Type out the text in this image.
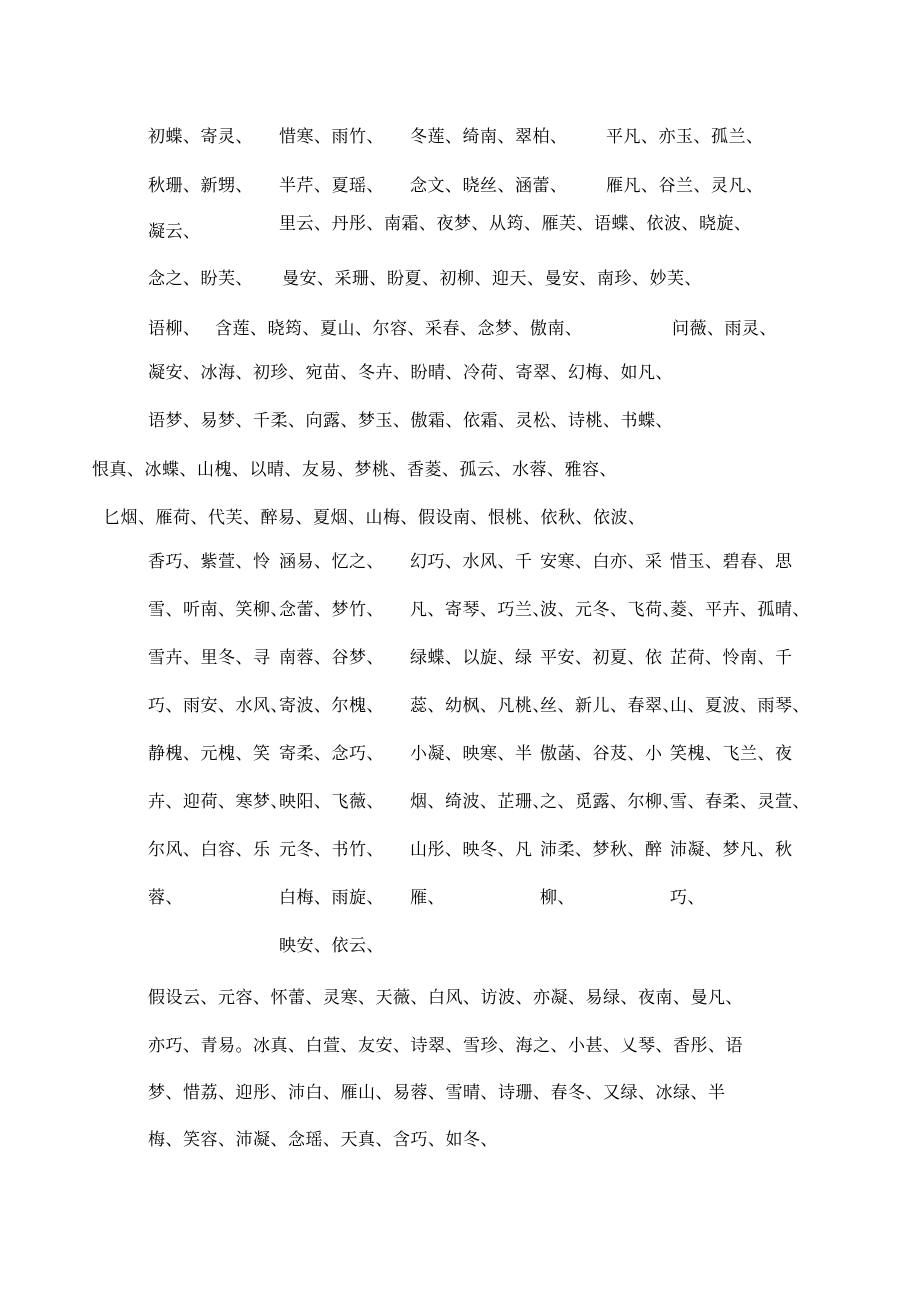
初蝶、寄灵、 惜寒、雨竹、 冬莲、绮南、翠柏、 平凡、亦玉、孤兰、
秋珊、新甥、 半芹、夏瑶、 念文、晓丝、涵蕾、 雁凡、谷兰、灵凡、
凝云、	里云、丹彤、南霜、夜梦、从筠、雁芙、语蝶、依波、晓旋、
念之、盼芙、 曼安、采珊、盼夏、初柳、迎天、曼安、南珍、妙芙、
语柳、 含莲、晓筠、夏山、尔容、采春、念梦、傲南、	问薇、雨灵、
凝安、冰海、初珍、宛苗、冬卉、盼晴、冷荷、寄翠、幻梅、如凡、
语梦、易梦、千柔、向露、梦玉、傲霜、依霜、灵松、诗桃、书蝶、
恨真、冰蝶、山槐、以晴、友易、梦桃、香菱、孤云、水蓉、雅容、
匕烟、雁荷、代芙、醉易、夏烟、山梅、假设南、恨桃、依秋、依波、
香巧、紫萱、怜
雪、听南、笑柳、
雪卉、里冬、寻
巧、雨安、水风、
静槐、元槐、笑
卉、迎荷、寒梦、
尔风、白容、乐
蓉、
涵易、忆之、
念蕾、梦竹、
南蓉、谷梦、
寄波、尔槐、
寄柔、念巧、
映阳、飞薇、
元冬、书竹、
白梅、雨旋、
映安、依云、
幻巧、水风、千
凡、寄琴、巧兰、
绿蝶、以旋、绿
蕊、幼枫、凡桃、
小凝、映寒、半
烟、绮波、芷珊、
山彤、映冬、凡
雁、
安寒、白亦、采
波、元冬、飞荷、
平安、初夏、依
丝、新儿、春翠、
傲菡、谷芨、小
之、觅露、尔柳、
沛柔、梦秋、醉
柳、
惜玉、碧春、思
菱、平卉、孤晴、
芷荷、怜南、千
山、夏波、雨琴、
笑槐、飞兰、夜
雪、春柔、灵萱、
沛凝、梦凡、秋
巧、
假设云、元容、怀蕾、灵寒、天薇、白风、访波、亦凝、易绿、夜南、曼凡、
亦巧、青易。冰真、白萱、友安、诗翠、雪珍、海之、小甚、乂琴、香彤、语
梦、惜荔、迎彤、沛白、雁山、易蓉、雪晴、诗珊、春冬、又绿、冰绿、半
梅、笑容、沛凝、念瑶、天真、含巧、如冬、
